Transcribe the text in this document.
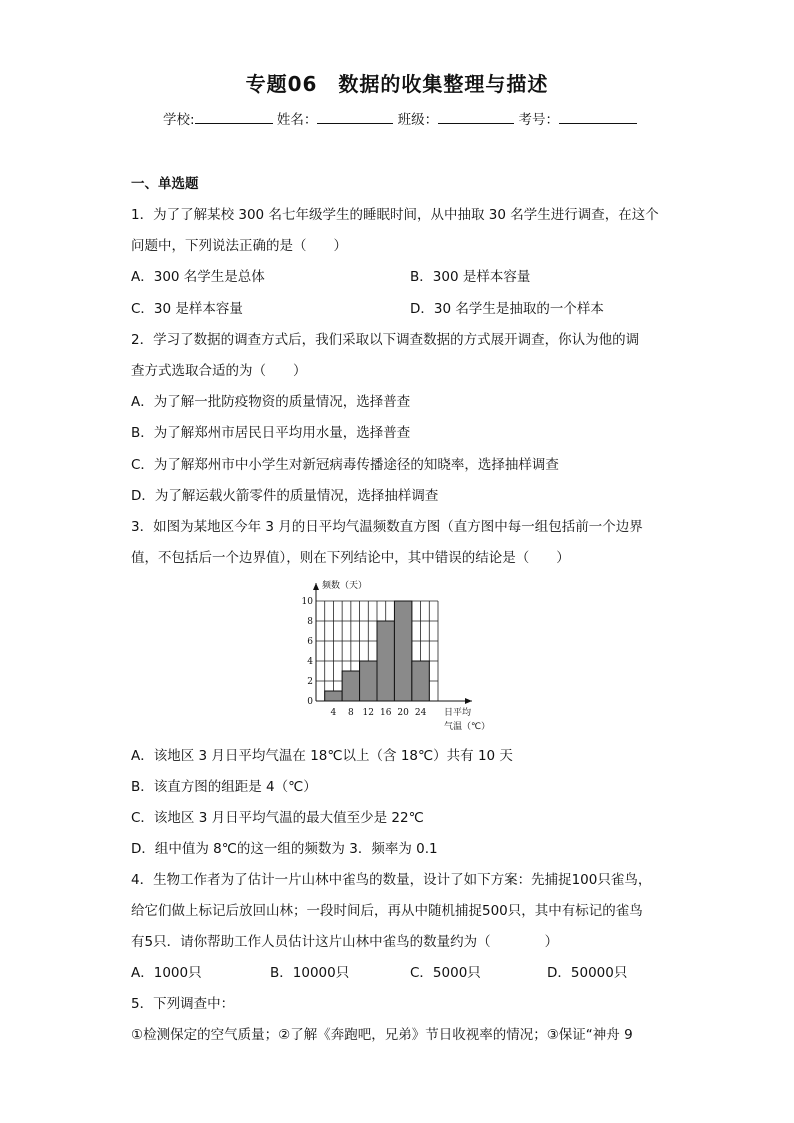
专题06　数据的收集整理与描述
学校:	姓名：	班级：	考号：
一、单选题
1．为了了解某校 300 名七年级学生的睡眠时间，从中抽取 30 名学生进行调查，在这个
问题中，下列说法正确的是（　　）
A．300 名学生是总体	B．300 是样本容量
C．30 是样本容量	D．30 名学生是抽取的一个样本
2．学习了数据的调查方式后，我们采取以下调查数据的方式展开调查，你认为他的调
查方式选取合适的为（　　）
A．为了解一批防疫物资的质量情况，选择普查
B．为了解郑州市居民日平均用水量，选择普查
C．为了解郑州市中小学生对新冠病毒传播途径的知晓率，选择抽样调查
D．为了解运载火箭零件的质量情况，选择抽样调查
3．如图为某地区今年 3 月的日平均气温频数直方图（直方图中每一组包括前一个边界
值，不包括后一个边界值），则在下列结论中，其中错误的结论是（　　）
2
4
6
8
10
0
4 8 12 16 20 24
频数（天）
日平均
气温（℃）
A．该地区 3 月日平均气温在 18℃以上（含 18℃）共有 10 天
B．该直方图的组距是 4（℃）
C．该地区 3 月日平均气温的最大值至少是 22℃
D．组中值为 8℃的这一组的频数为 3．频率为 0.1
4．生物工作者为了估计一片山林中雀鸟的数量，设计了如下方案：先捕捉100只雀鸟，
给它们做上标记后放回山林；一段时间后，再从中随机捕捉500只，其中有标记的雀鸟
有5只．请你帮助工作人员估计这片山林中雀鸟的数量约为（　　　　）
A．1000只	B．10000只	C．5000只	D．50000只
5．下列调查中：
①检测保定的空气质量；②了解《奔跑吧，兄弟》节日收视率的情况；③保证“神舟 9
